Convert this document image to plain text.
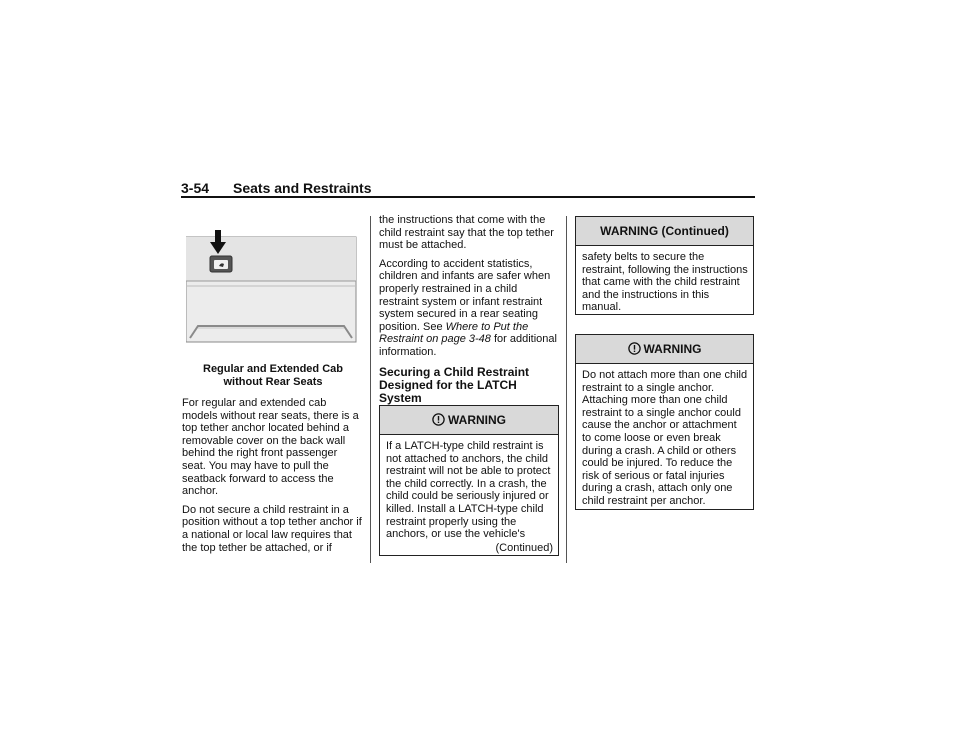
3-54 Seats and Restraints
Regular and Extended Cab
without Rear Seats

For regular and extended cab models without rear seats, there is a top tether anchor located behind a removable cover on the back wall behind the right front passenger seat. You may have to pull the seatback forward to access the anchor.

Do not secure a child restraint in a position without a top tether anchor if a national or local law requires that the top tether be attached, or if

the instructions that come with the child restraint say that the top tether must be attached.

According to accident statistics, children and infants are safer when properly restrained in a child restraint system or infant restraint system secured in a rear seating position. See Where to Put the Restraint on page 3-48 for additional information.

Securing a Child Restraint Designed for the LATCH System
WARNING
If a LATCH-type child restraint is not attached to anchors, the child restraint will not be able to protect the child correctly. In a crash, the child could be seriously injured or killed. Install a LATCH-type child restraint properly using the anchors, or use the vehicle's
(Continued)
WARNING (Continued)
safety belts to secure the restraint, following the instructions that came with the child restraint and the instructions in this manual.
WARNING
Do not attach more than one child restraint to a single anchor. Attaching more than one child restraint to a single anchor could cause the anchor or attachment to come loose or even break during a crash. A child or others could be injured. To reduce the risk of serious or fatal injuries during a crash, attach only one child restraint per anchor.
